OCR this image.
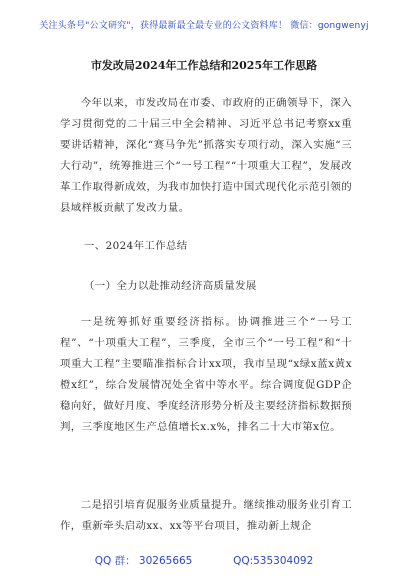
关注头条号"公文研究"，获得最新最全最专业的公文资料库！ 微信：gongwenyj
市发改局2024年工作总结和2025年工作思路

今年以来，市发改局在市委、市政府的正确领导下，深入学习贯彻党的二十届三中全会精神、习近平总书记考察xx重要讲话精神，深化“赛马争先”抓落实专项行动，深入实施“三大行动”，统筹推进三个“一号工程”“十项重大工程”，发展改革工作取得新成效，为我市加快打造中国式现代化示范引领的县域样板贡献了发改力量。

一、2024年工作总结
（一）全力以赴推动经济高质量发展

一是统筹抓好重要经济指标。协调推进三个“一号工程”、“十项重大工程”，三季度，全市三个“一号工程”和“十项重大工程”主要瞄准指标合计xx项，我市呈现“x绿x蓝x黄x橙x红”，综合发展情况处全省中等水平。综合调度促GDP企稳向好，做好月度、季度经济形势分析及主要经济指标数据预判，三季度地区生产总值增长x.x%，排名二十大市第x位。

二是招引培育促服务业质量提升。继续推动服务业引育工作，重新牵头启动xx、xx等平台项目，推动新上规企

QQ 群： 30265665	QQ:535304092
